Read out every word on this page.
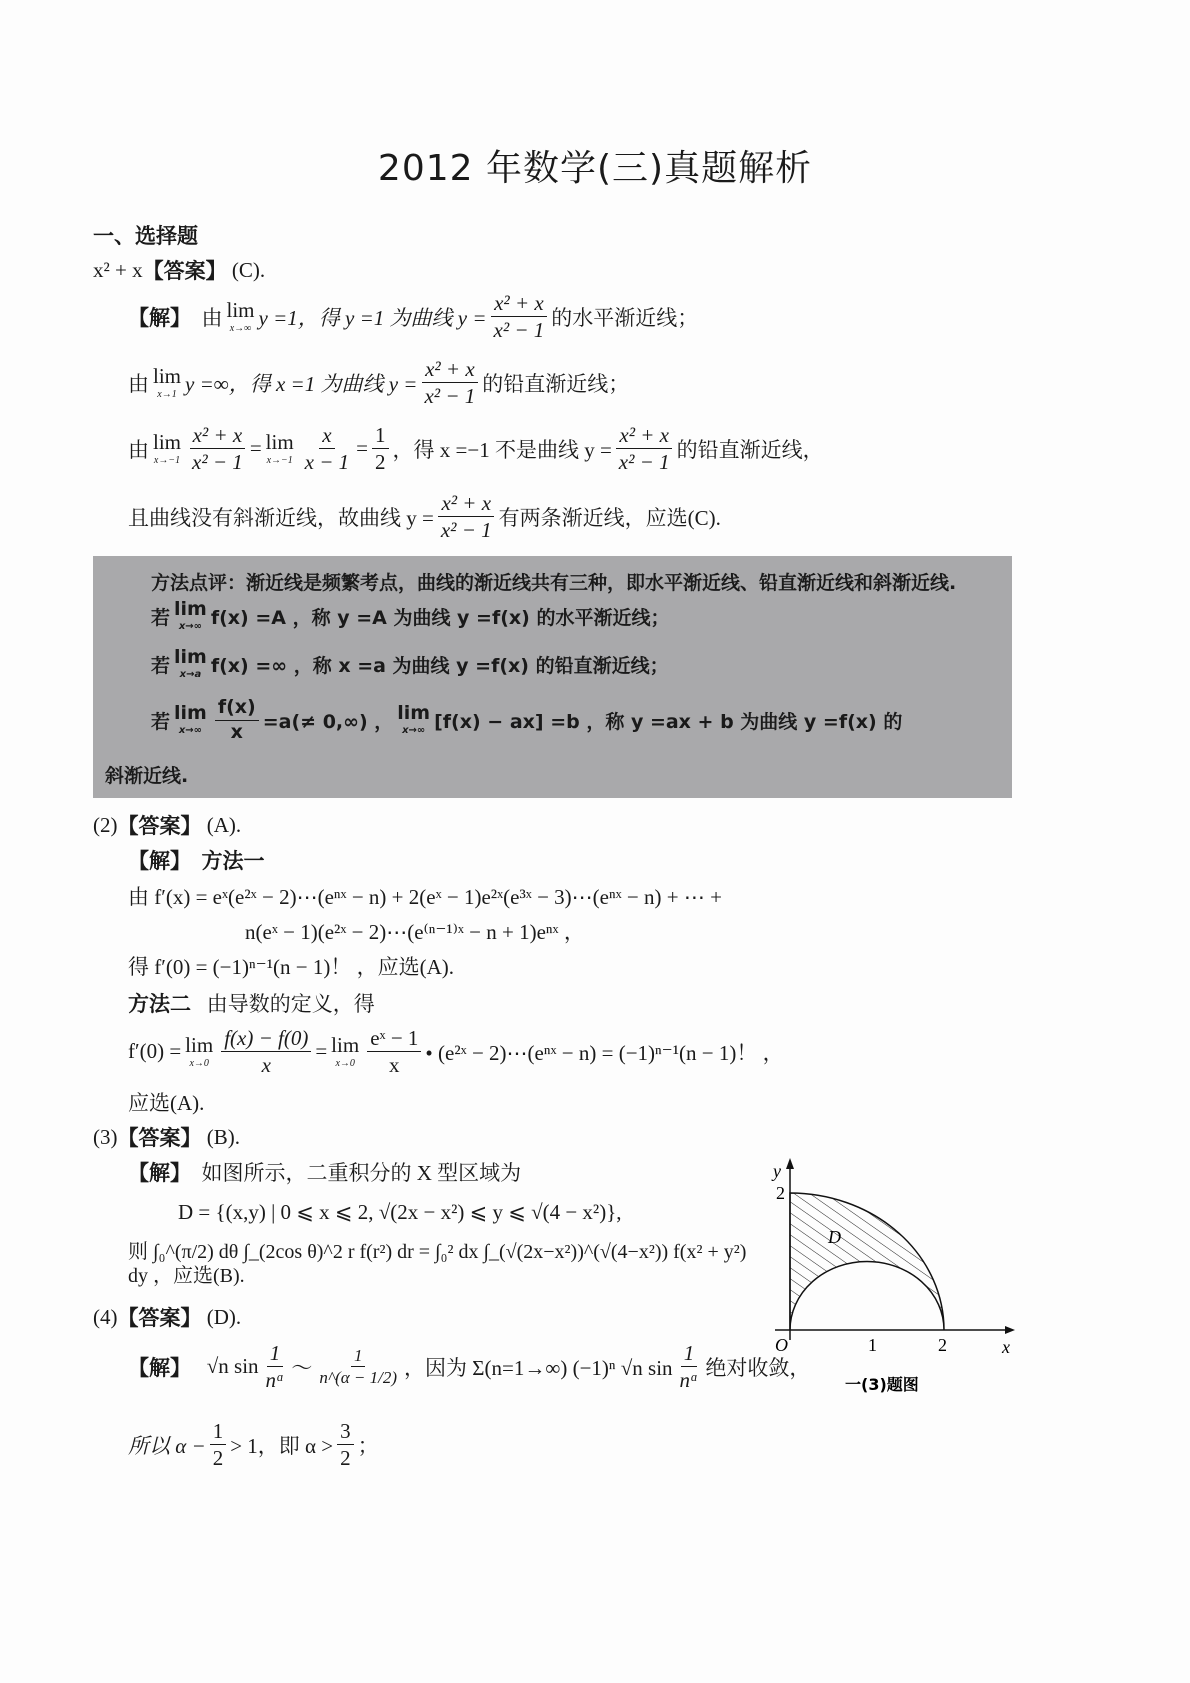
2012 年数学(三)真题解析
一、选择题
x² + x 【答案】
(C).
【解】
由 lim
x→∞ y =1，得 y =1 为曲线 $y = \frac{\text{x² + x}}{\text{x² − 1}}$ 的水平渐近线；
由 lim
x→1 y =∞，得 x =1 为曲线 $y = \frac{\text{x² + x}}{\text{x² − 1}}$ 的铅直渐近线；
由 lim
$x\to-1 \frac{\text{x² + x}}{\text{x² − 1}} = \lim$
$x\to-1 \frac{x}{x - 1} = \frac{1}{2}$ ，得 x =−1 不是曲线 $y = \frac{\text{x² + x}}{\text{x² − 1}}$ 的铅直渐近线，
且曲线没有斜渐近线，故曲线 $y = \frac{\text{x² + x}}{\text{x² − 1}}$ 有两条渐近线，应选(C).
方法点评：渐近线是频繁考点，曲线的渐近线共有三种，即水平渐近线、铅直渐近线和斜渐近线.
若 lim
x→∞ f(x) =A ，称 y =A 为曲线 y =f(x) 的水平渐近线；
若 lim
x→a f(x) =∞ ，称 x =a 为曲线 y =f(x) 的铅直渐近线；
若 lim
$x\to\infty \frac{f(x)}{x} =a(\ne 0,\infty)$ ， lim
x→∞ [f(x) − ax] =b ，称 y =ax + b 为曲线 y =f(x) 的
斜渐近线.
(2) 【答案】
(A).
【解】
方法一
由 f′(x) = eˣ(e²ˣ − 2)⋯(eⁿˣ − n) + 2(eˣ − 1)e²ˣ(e³ˣ − 3)⋯(eⁿˣ − n) + ⋯ +
n(eˣ − 1)(e²ˣ − 2)⋯(e⁽ⁿ⁻¹⁾ˣ − n + 1)eⁿˣ ，
得 f′(0) = (−1)ⁿ⁻¹(n − 1)！ ，应选(A).
方法二
由导数的定义，得
f′(0) = lim
$x\to 0 \frac{f(x) - f(0)}{x} = \lim$
$x\to 0 \frac{\text{eˣ − 1}}{x}$ • (e²ˣ − 2)⋯(eⁿˣ − n) = (−1)ⁿ⁻¹(n − 1)！ ，
应选(A).
(3) 【答案】
(B).
【解】
如图所示，二重积分的 X 型区域为
D = {(x,y) | 0 ⩽ x ⩽ 2, √(2x − x²) ⩽ y ⩽ √(4 − x²)},
则 ∫₀^(π/2) dθ ∫_(2cos θ)^2 r f(r²) dr = ∫₀² dx ∫_(√(2x−x²))^(√(4−x²)) f(x² + y²) dy ，应选(B).
y
x
O	1	2
2
D
一(3)题图
(4) 【答案】
(D).
【解】
√n $\sin \frac{1}{\text{nᵅ}}$ ～ $\frac{1}{n\^{}(\alpha - 1/2)}$ ，因为 Σ(n=1→∞) (−1)ⁿ √n $\sin \frac{1}{\text{nᵅ}}$ 绝对收敛，
所以 $\alpha - \frac{1}{2} > 1$，即 $\alpha > \frac{3}{2}$ ；
